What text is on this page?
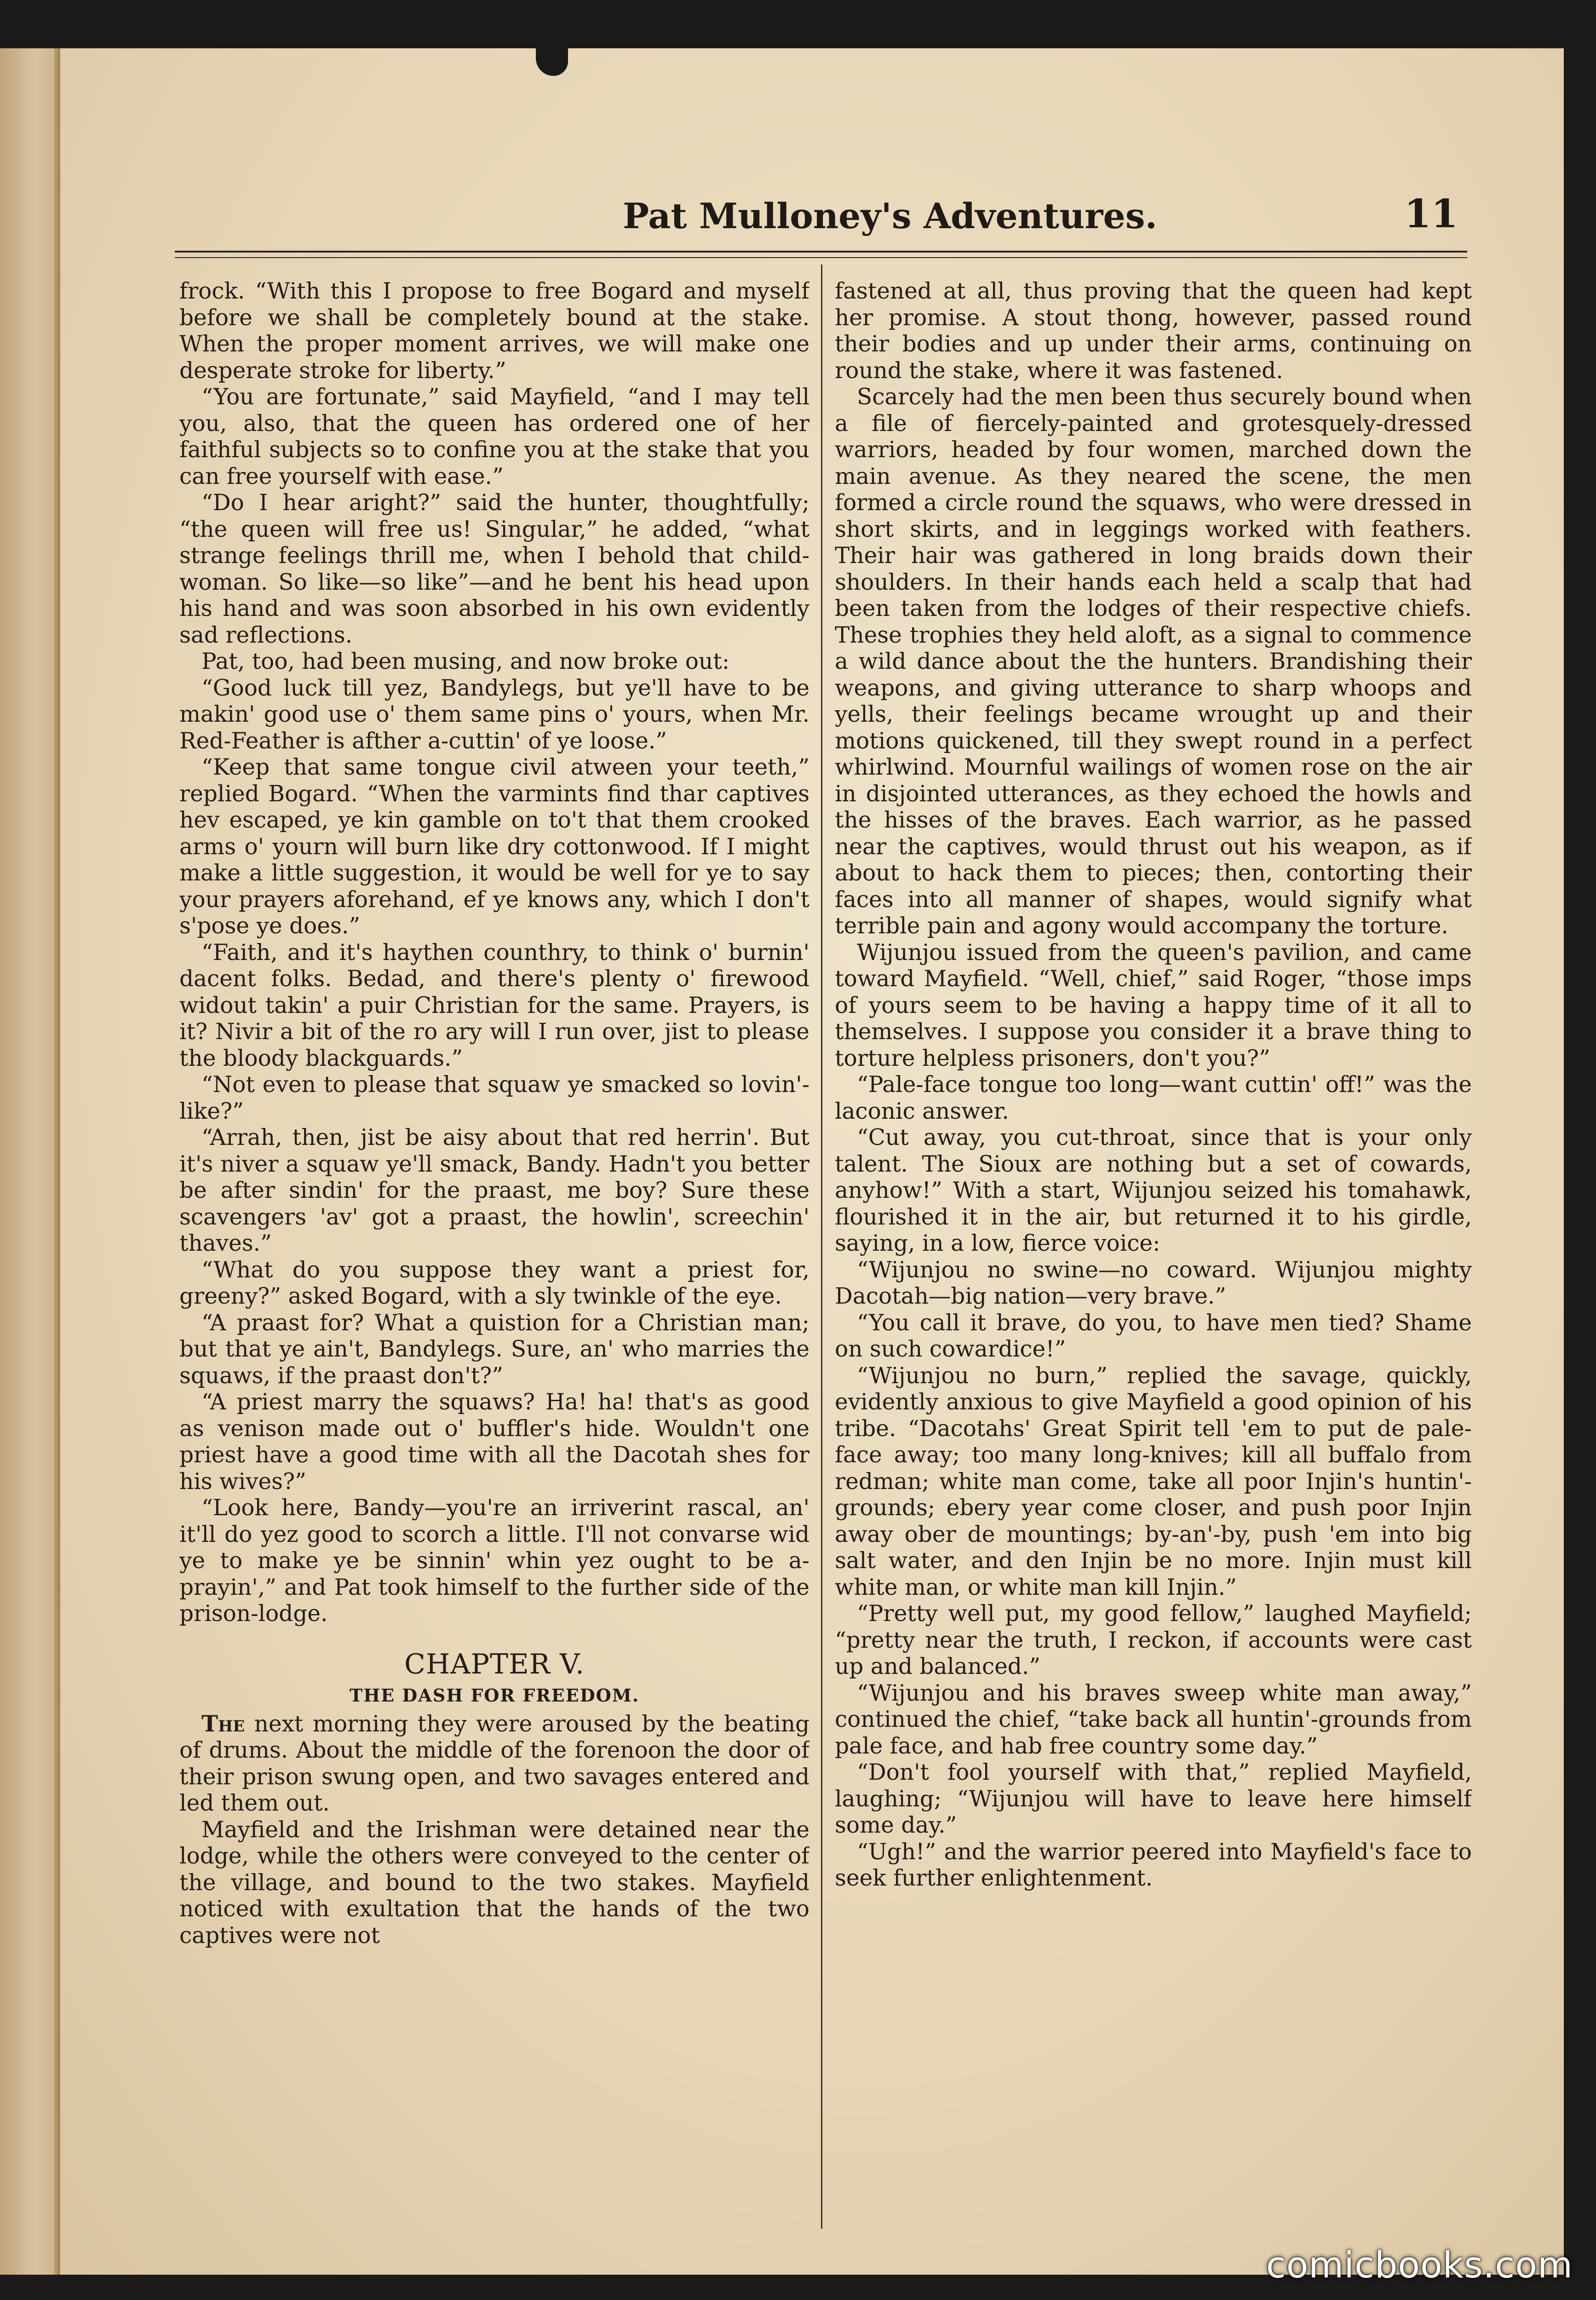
Pat Mulloney's Adventures.	11

frock. “With this I propose to free Bogard and myself before we shall be completely bound at the stake. When the proper moment arrives, we will make one desperate stroke for liberty.”

“You are fortunate,” said Mayfield, “and I may tell you, also, that the queen has ordered one of her faithful subjects so to confine you at the stake that you can free yourself with ease.”

“Do I hear aright?” said the hunter, thoughtfully; “the queen will free us! Singular,” he added, “what strange feelings thrill me, when I behold that child-woman. So like—so like”—and he bent his head upon his hand and was soon absorbed in his own evidently sad reflections.

Pat, too, had been musing, and now broke out:

“Good luck till yez, Bandylegs, but ye'll have to be makin' good use o' them same pins o' yours, when Mr. Red-Feather is afther a-cuttin' of ye loose.”

“Keep that same tongue civil atween your teeth,” replied Bogard. “When the varmints find thar captives hev escaped, ye kin gamble on to't that them crooked arms o' yourn will burn like dry cottonwood. If I might make a little suggestion, it would be well for ye to say your prayers aforehand, ef ye knows any, which I don't s'pose ye does.”

“Faith, and it's haythen counthry, to think o' burnin' dacent folks. Bedad, and there's plenty o' firewood widout takin' a puir Christian for the same. Prayers, is it? Nivir a bit of the ro ary will I run over, jist to please the bloody blackguards.”

“Not even to please that squaw ye smacked so lovin'-like?”

“Arrah, then, jist be aisy about that red herrin'. But it's niver a squaw ye'll smack, Bandy. Hadn't you better be after sindin' for the praast, me boy? Sure these scavengers 'av' got a praast, the howlin', screechin' thaves.”

“What do you suppose they want a priest for, greeny?” asked Bogard, with a sly twinkle of the eye.

“A praast for? What a quistion for a Christian man; but that ye ain't, Bandylegs. Sure, an' who marries the squaws, if the praast don't?”

“A priest marry the squaws? Ha! ha! that's as good as venison made out o' buffler's hide. Wouldn't one priest have a good time with all the Dacotah shes for his wives?”

“Look here, Bandy—you're an irriverint rascal, an' it'll do yez good to scorch a little. I'll not convarse wid ye to make ye be sinnin' whin yez ought to be a-prayin',” and Pat took himself to the further side of the prison-lodge.

CHAPTER V.
THE DASH FOR FREEDOM.

The next morning they were aroused by the beating of drums. About the middle of the forenoon the door of their prison swung open, and two savages entered and led them out.

Mayfield and the Irishman were detained near the lodge, while the others were conveyed to the center of the village, and bound to the two stakes. Mayfield noticed with exultation that the hands of the two captives were not

fastened at all, thus proving that the queen had kept her promise. A stout thong, however, passed round their bodies and up under their arms, continuing on round the stake, where it was fastened.

Scarcely had the men been thus securely bound when a file of fiercely-painted and grotesquely-dressed warriors, headed by four women, marched down the main avenue. As they neared the scene, the men formed a circle round the squaws, who were dressed in short skirts, and in leggings worked with feathers. Their hair was gathered in long braids down their shoulders. In their hands each held a scalp that had been taken from the lodges of their respective chiefs. These trophies they held aloft, as a signal to commence a wild dance about the the hunters. Brandishing their weapons, and giving utterance to sharp whoops and yells, their feelings became wrought up and their motions quickened, till they swept round in a perfect whirlwind. Mournful wailings of women rose on the air in disjointed utterances, as they echoed the howls and the hisses of the braves. Each warrior, as he passed near the captives, would thrust out his weapon, as if about to hack them to pieces; then, contorting their faces into all manner of shapes, would signify what terrible pain and agony would accompany the torture.

Wijunjou issued from the queen's pavilion, and came toward Mayfield. “Well, chief,” said Roger, “those imps of yours seem to be having a happy time of it all to themselves. I suppose you consider it a brave thing to torture helpless prisoners, don't you?”

“Pale-face tongue too long—want cuttin' off!” was the laconic answer.

“Cut away, you cut-throat, since that is your only talent. The Sioux are nothing but a set of cowards, anyhow!” With a start, Wijunjou seized his tomahawk, flourished it in the air, but returned it to his girdle, saying, in a low, fierce voice:

“Wijunjou no swine—no coward. Wijunjou mighty Dacotah—big nation—very brave.”

“You call it brave, do you, to have men tied? Shame on such cowardice!”

“Wijunjou no burn,” replied the savage, quickly, evidently anxious to give Mayfield a good opinion of his tribe. “Dacotahs' Great Spirit tell 'em to put de pale-face away; too many long-knives; kill all buffalo from redman; white man come, take all poor Injin's huntin'-grounds; ebery year come closer, and push poor Injin away ober de mountings; by-an'-by, push 'em into big salt water, and den Injin be no more. Injin must kill white man, or white man kill Injin.”

“Pretty well put, my good fellow,” laughed Mayfield; “pretty near the truth, I reckon, if accounts were cast up and balanced.”

“Wijunjou and his braves sweep white man away,” continued the chief, “take back all huntin'-grounds from pale face, and hab free country some day.”

“Don't fool yourself with that,” replied Mayfield, laughing; “Wijunjou will have to leave here himself some day.”

“Ugh!” and the warrior peered into Mayfield's face to seek further enlightenment.

comicbooks.com
